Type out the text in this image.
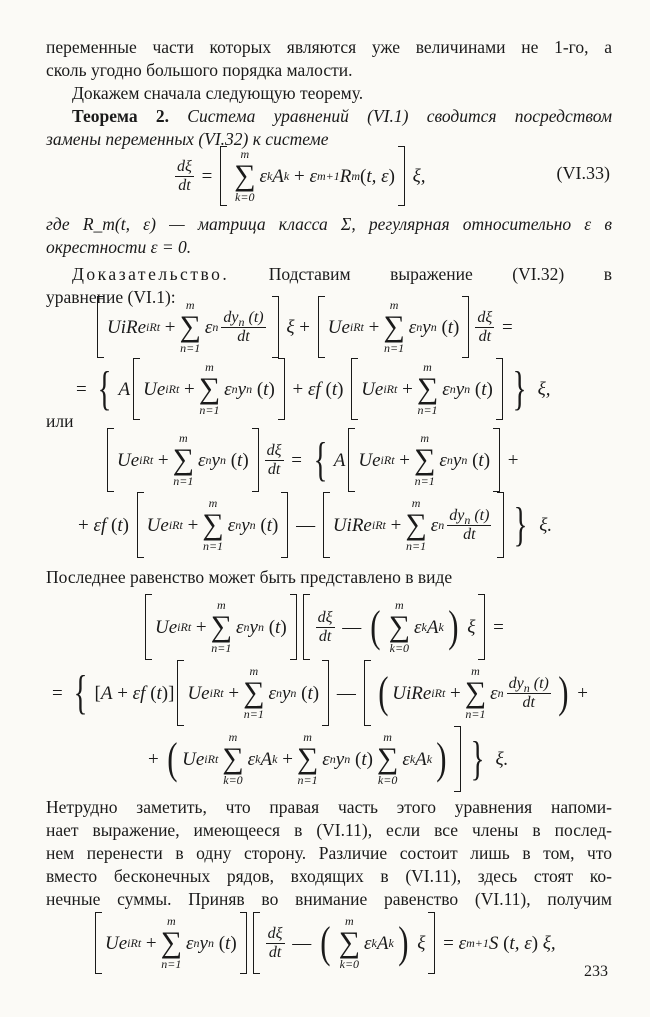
переменные части которых являются уже величинами не 1-го, а
сколь угодно большого порядка малости.
Докажем сначала следующую теорему.
Теорема 2. Система уравнений (VI.1) сводится посредством
замены переменных (VI.32) к системе
$\frac{d\xi}{dt}$ =
m
∑
k=0
ε k A k + ε m+1 R m ( t, ε ) ξ,	(VI.33)
где R_m(t, ε) — матрица класса Σ, регулярная относительно ε в
окрестности ε = 0.
Доказательство. Подставим выражение (VI.32) в
уравнение (VI.1):
UiRe iRt +
m
∑
n=1
ε n $\frac{dy_n (t)}{dt}$ ξ + Ue iRt +
m
∑
n=1
ε n y n ( t ) $\frac{d\xi}{dt}$ =
= { A Ue iRt +
m
∑
n=1
ε n y n ( t ) + εf ( t ) Ue iRt +
m
∑
n=1
ε n y n ( t ) } ξ,
или
Ue iRt +
m
∑
n=1
ε n y n ( t ) $\frac{d\xi}{dt}$ = { A Ue iRt +
m
∑
n=1
ε n y n ( t ) +
+ εf ( t ) Ue iRt +
m
∑
n=1
ε n y n ( t ) — UiRe iRt +
m
∑
n=1
ε n $\frac{dy_n (t)}{dt}$ } ξ.
Последнее равенство может быть представлено в виде
Ue iRt +
m
∑
n=1
ε n y n ( t ) $\frac{d\xi}{dt}$ — ( m
∑
k=0
ε k A k ) ξ =
= { [ A + εf ( t )] Ue iRt +
m
∑
n=1
ε n y n ( t ) — ( UiRe iRt +
m
∑
n=1
ε n $\frac{dy_n (t)}{dt}$ ) +
+ ( Ue iRt
m
∑
k=0
ε k A k +
m
∑
n=1
ε n y n ( t )
m
∑
k=0
ε k A k ) } ξ.
Нетрудно заметить, что правая часть этого уравнения напоми-
нает выражение, имеющееся в (VI.11), если все члены в послед-
нем перенести в одну сторону. Различие состоит лишь в том, что
вместо бесконечных рядов, входящих в (VI.11), здесь стоят ко-
нечные суммы. Приняв во внимание равенство (VI.11), получим
Ue iRt +
m
∑
n=1
ε n y n ( t ) $\frac{d\xi}{dt}$ — ( m
∑
k=0
ε k A k ) ξ = ε m+1 S ( t, ε ) ξ,
233
